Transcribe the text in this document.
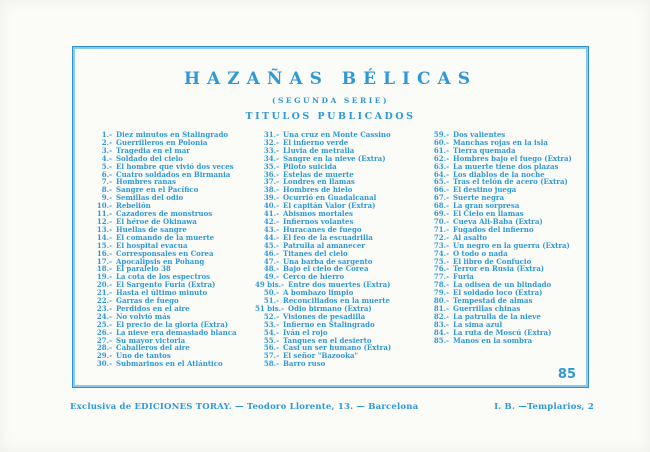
HAZAÑAS BÉLICAS
(SEGUNDA SERIE)
TITULOS PUBLICADOS
1.- Diez minutos en Stalingrado
2.- Guerrilleros en Polonia
3.- Tragedia en el mar
4.- Soldado del cielo
5.- El hombre que vivió dos veces
6.- Cuatro soldados en Birmania
7.- Hombres ranas
8.- Sangre en el Pacífico
9.- Semillas del odio
10.- Rebelión
11.- Cazadores de monstruos
12.- El héroe de Okinawa
13.- Huellas de sangre
14.- El comando de la muerte
15.- El hospital evacua
16.- Corresponsales en Corea
17.- Apocalipsis en Pohang
18.- El paralelo 38
19.- La cota de los espectros
20.- El Sargento Furia (Extra)
21.- Hasta el último minuto
22.- Garras de fuego
23.- Perdidos en el aire
24.- No volvió más
25.- El precio de la gloria (Extra)
26.- La nieve era demasiado blanca
27.- Su mayor victoria
28.- Caballeros del aire
29.- Uno de tantos
30.- Submarinos en el Atlántico
31.- Una cruz en Monte Cassino
32.- El infierno verde
33.- Lluvia de metralla
34.- Sangre en la nieve (Extra)
35.- Piloto suicida
36.- Estelas de muerte
37.- Londres en llamas
38.- Hombres de hielo
39.- Ocurrió en Guadalcanal
40.- El capitán Valor (Extra)
41.- Abismos mortales
42.- Infiernos volantes
43.- Huracanes de fuego
44.- El feo de la escuadrilla
45.- Patrulla al amanecer
46.- Titanes del cielo
47.- Una barba de sargento
48.- Bajo el cielo de Corea
49.- Cerco de hierro
49 bis.- Entre dos muertes (Extra)
50.- A bombazo limpio
51.- Reconciliados en la muerte
51 bis.- Odio birmano (Extra)
52.- Visiones de pesadilla
53.- Infierno en Stalingrado
54.- Iván el rojo
55.- Tanques en el desierto
56.- Casi un ser humano (Extra)
57.- El señor "Bazooka"
58.- Barro ruso
59.- Dos valientes
60.- Manchas rojas en la isla
61.- Tierra quemada
62.- Hombres bajo el fuego (Extra)
63.- La muerte tiene dos plazas
64.- Los diablos de la noche
65.- Tras el telón de acero (Extra)
66.- El destino juega
67.- Suerte negra
68.- La gran sorpresa
69.- El Cielo en llamas
70.- Cueva Ali-Baba (Extra)
71.- Fugados del infierno
72.- Al asalto
73.- Un negro en la guerra (Extra)
74.- O todo o nada
75.- El libro de Confucio
76.- Terror en Rusia (Extra)
77.- Furia
78.- La odisea de un blindado
79.- El soldado loco (Extra)
80.- Tempestad de almas
81.- Guerrillas chinas
82.- La patrulla de la nieve
83.- La sima azul
84.- La ruta de Moscú (Extra)
85.- Manos en la sombra
85
Exclusiva de EDICIONES TORAY. — Teodoro Llorente, 13. — Barcelona	I. B. —Templarios, 2
